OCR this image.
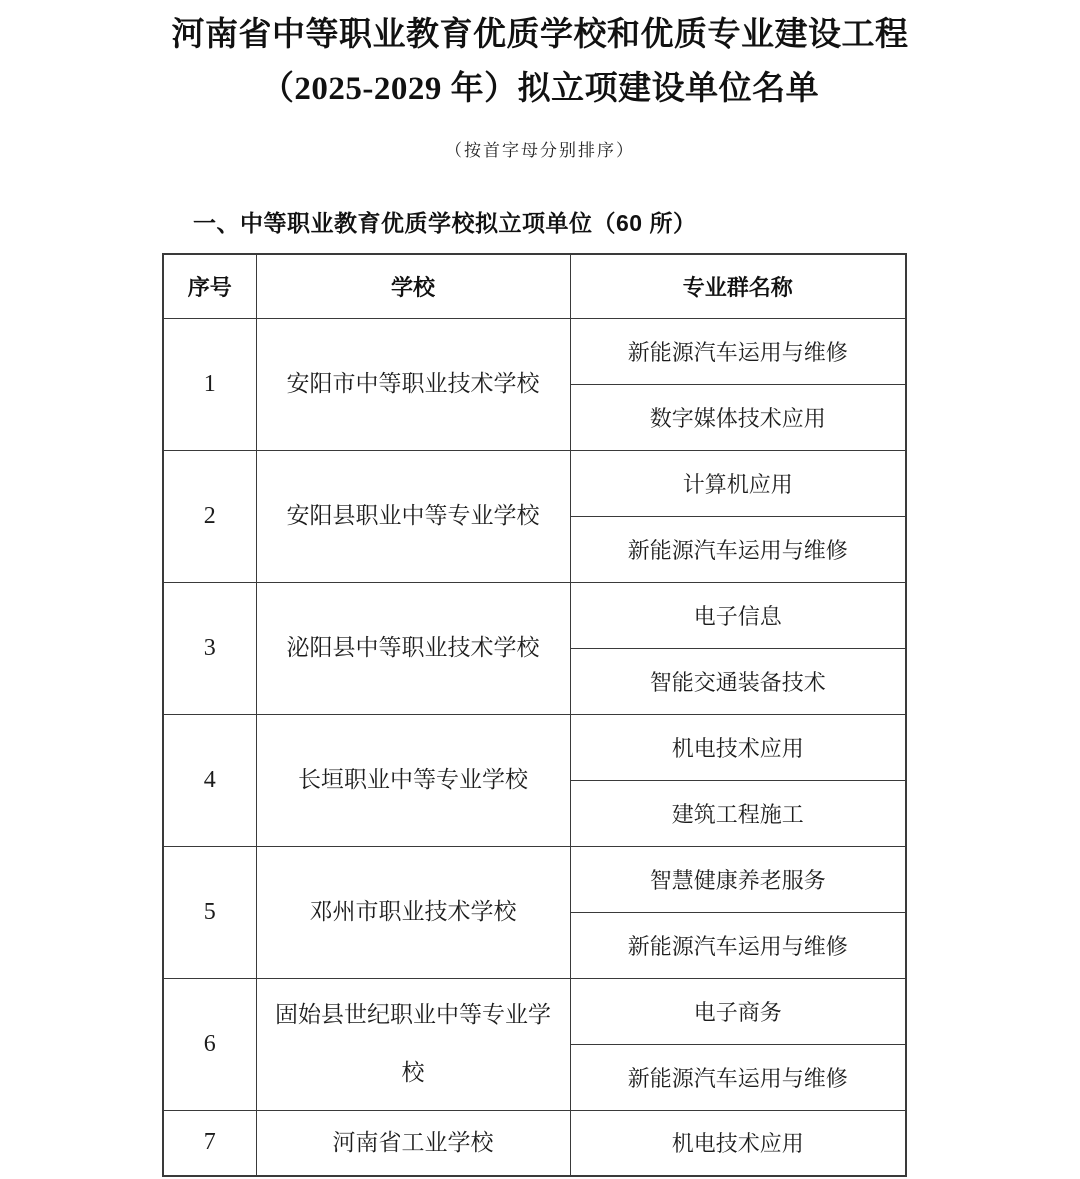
河南省中等职业教育优质学校和优质专业建设工程
（2025-2029 年）拟立项建设单位名单
（按首字母分别排序）
一、中等职业教育优质学校拟立项单位（60 所）
序号	学校	专业群名称
1	安阳市中等职业技术学校	新能源汽车运用与维修
		数字媒体技术应用
2	安阳县职业中等专业学校	计算机应用
		新能源汽车运用与维修
3	泌阳县中等职业技术学校	电子信息
		智能交通装备技术
4	长垣职业中等专业学校	机电技术应用
		建筑工程施工
5	邓州市职业技术学校	智慧健康养老服务
		新能源汽车运用与维修
6	固始县世纪职业中等专业学校	电子商务
		新能源汽车运用与维修
7	河南省工业学校	机电技术应用
